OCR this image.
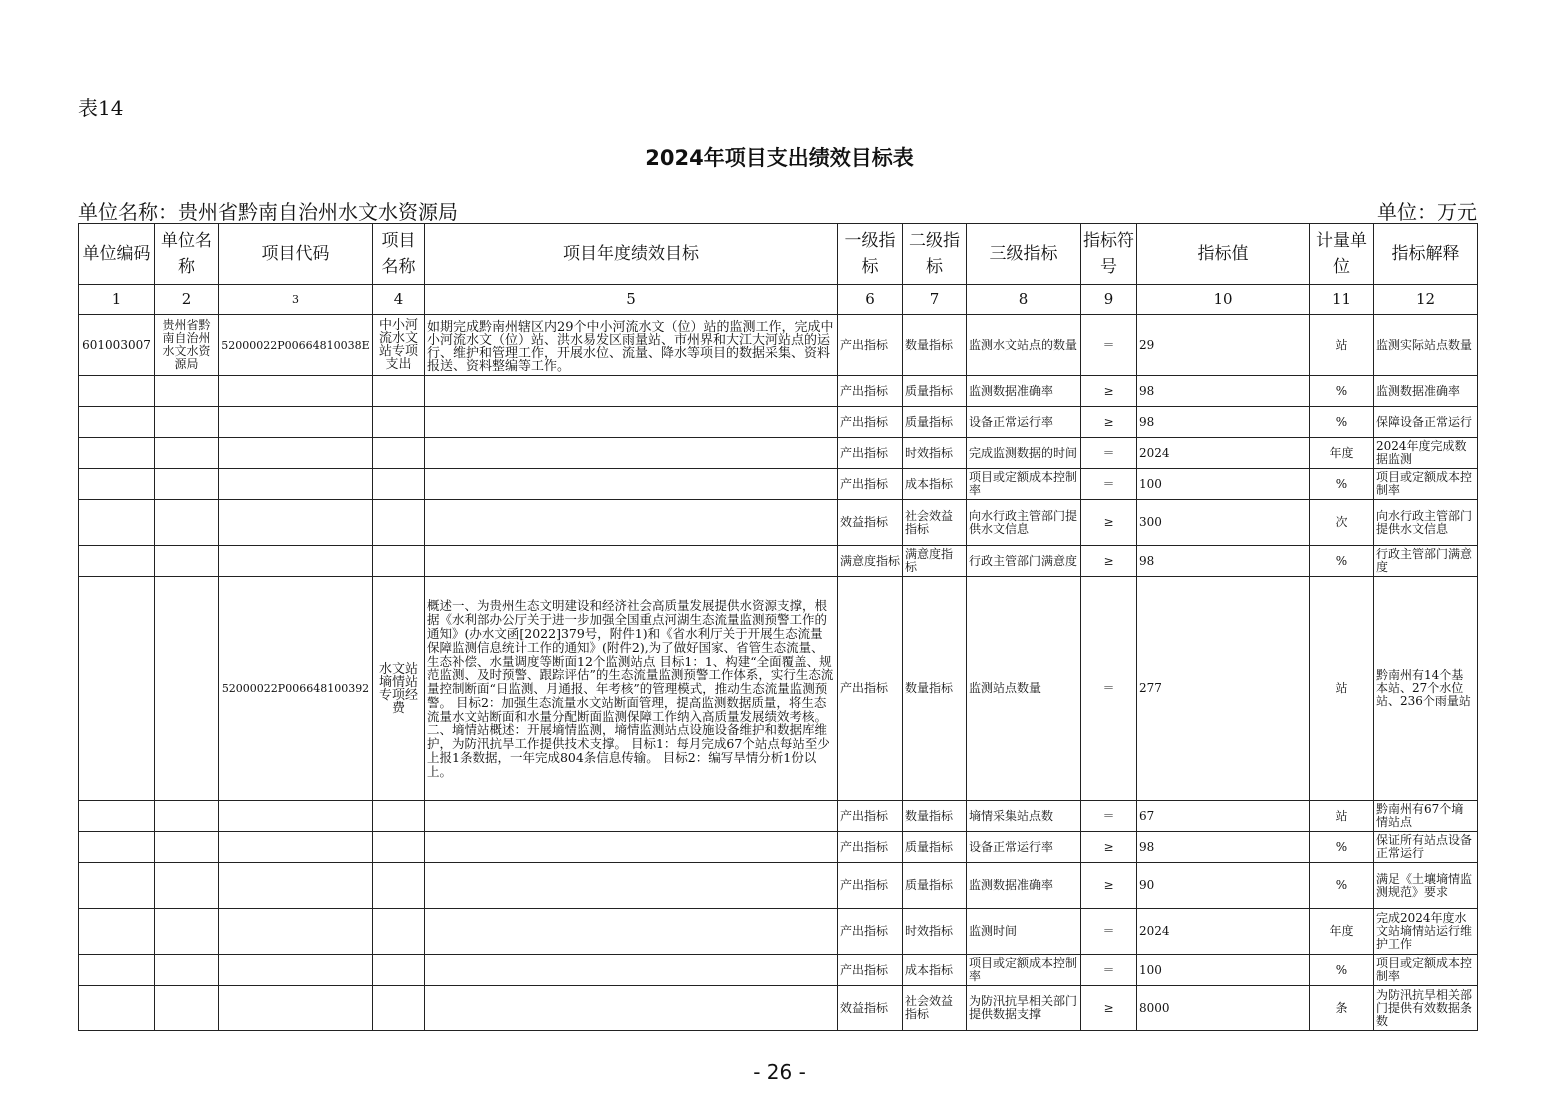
表14
2024年项目支出绩效目标表
单位名称：贵州省黔南自治州水文水资源局	单位：万元
单位编码	单位名称	项目代码	项目名称	项目年度绩效目标	一级指标	二级指标	三级指标	指标符号	指标值	计量单位	指标解释
1	2	3	4	5	6	7	8	9	10	11	12
601003007	贵州省黔南自治州水文水资源局	52000022P00664810038E	中小河流水文站专项支出	如期完成黔南州辖区内29个中小河流水文（位）站的监测工作，完成中小河流水文（位）站、洪水易发区雨量站、市州界和大江大河站点的运行、维护和管理工作，开展水位、流量、降水等项目的数据采集、资料报送、资料整编等工作。	产出指标	数量指标	监测水文站点的数量	＝	29	站	监测实际站点数量
					产出指标	质量指标	监测数据准确率	≥	98	%	监测数据准确率
					产出指标	质量指标	设备正常运行率	≥	98	%	保障设备正常运行
					产出指标	时效指标	完成监测数据的时间	＝	2024	年度	2024年度完成数据监测
					产出指标	成本指标	项目或定额成本控制率	＝	100	%	项目或定额成本控制率
					效益指标	社会效益指标	向水行政主管部门提供水文信息	≥	300	次	向水行政主管部门提供水文信息
					满意度指标	满意度指标	行政主管部门满意度	≥	98	%	行政主管部门满意度
		52000022P006648100392	水文站墒情站专项经费	概述一、为贵州生态文明建设和经济社会高质量发展提供水资源支撑，根据《水利部办公厅关于进一步加强全国重点河湖生态流量监测预警工作的通知》(办水文函[2022]379号，附件1)和《省水利厅关于开展生态流量保障监测信息统计工作的通知》(附件2),为了做好国家、省管生态流量、生态补偿、水量调度等断面12个监测站点 目标1：1、构建“全面覆盖、规范监测、及时预警、跟踪评估”的生态流量监测预警工作体系，实行生态流量控制断面“日监测、月通报、年考核”的管理模式，推动生态流量监测预警。 目标2：加强生态流量水文站断面管理，提高监测数据质量，将生态流量水文站断面和水量分配断面监测保障工作纳入高质量发展绩效考核。 二、墒情站概述：开展墒情监测，墒情监测站点设施设备维护和数据库维护，为防汛抗旱工作提供技术支撑。 目标1：每月完成67个站点每站至少上报1条数据，一年完成804条信息传输。 目标2：编写旱情分析1份以上。	产出指标	数量指标	监测站点数量	＝	277	站	黔南州有14个基本站、27个水位站、236个雨量站
					产出指标	数量指标	墒情采集站点数	＝	67	站	黔南州有67个墒情站点
					产出指标	质量指标	设备正常运行率	≥	98	%	保证所有站点设备正常运行
					产出指标	质量指标	监测数据准确率	≥	90	%	满足《土壤墒情监测规范》要求
					产出指标	时效指标	监测时间	＝	2024	年度	完成2024年度水文站墒情站运行维护工作
					产出指标	成本指标	项目或定额成本控制率	＝	100	%	项目或定额成本控制率
					效益指标	社会效益指标	为防汛抗旱相关部门提供数据支撑	≥	8000	条	为防汛抗旱相关部门提供有效数据条数
- 26 -
